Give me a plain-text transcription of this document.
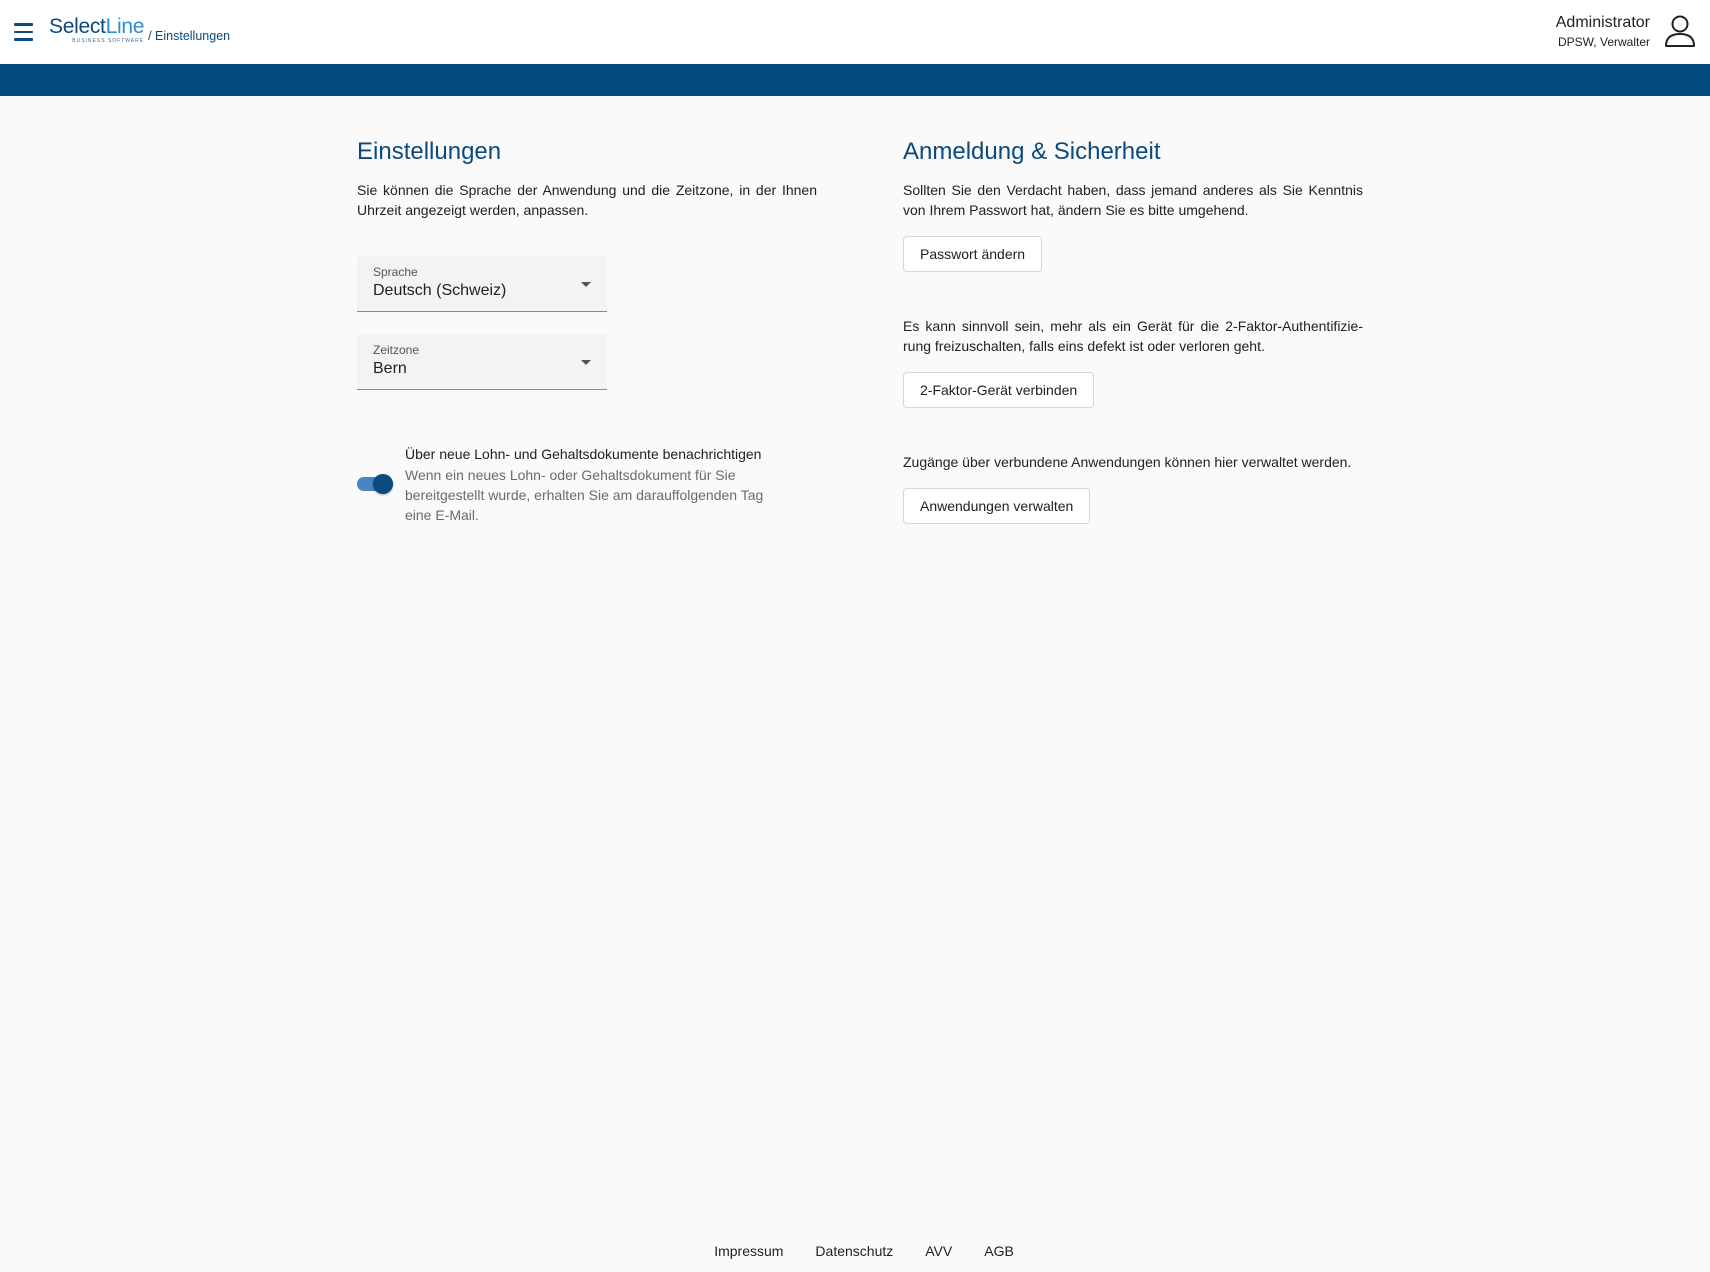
SelectLine
BUSINESS SOFTWARE / Einstellungen
Administrator
DPSW, Verwalter
Einstellungen

Sie können die Sprache der Anwendung und die Zeitzone, in der Ihnen Uhrzeit angezeigt werden, anpassen.

Sprache
Deutsch (Schweiz)
Zeitzone
Bern
Über neue Lohn- und Gehaltsdokumente benachrichtigen
Wenn ein neues Lohn- oder Gehaltsdokument für Sie bereitgestellt wurde, erhalten Sie am darauffolgenden Tag eine E-Mail.
Anmeldung & Sicherheit

Sollten Sie den Verdacht haben, dass jemand anderes als Sie Kenntnis von Ihrem Passwort hat, ändern Sie es bitte umgehend.

Passwort ändern

Es kann sinnvoll sein, mehr als ein Gerät für die 2-Faktor-Authentifizierung freizuschalten, falls eins defekt ist oder verloren geht.

2-Faktor-Gerät verbinden

Zugänge über verbundene Anwendungen können hier verwaltet werden.

Anwendungen verwalten
Impressum Datenschutz AVV AGB
